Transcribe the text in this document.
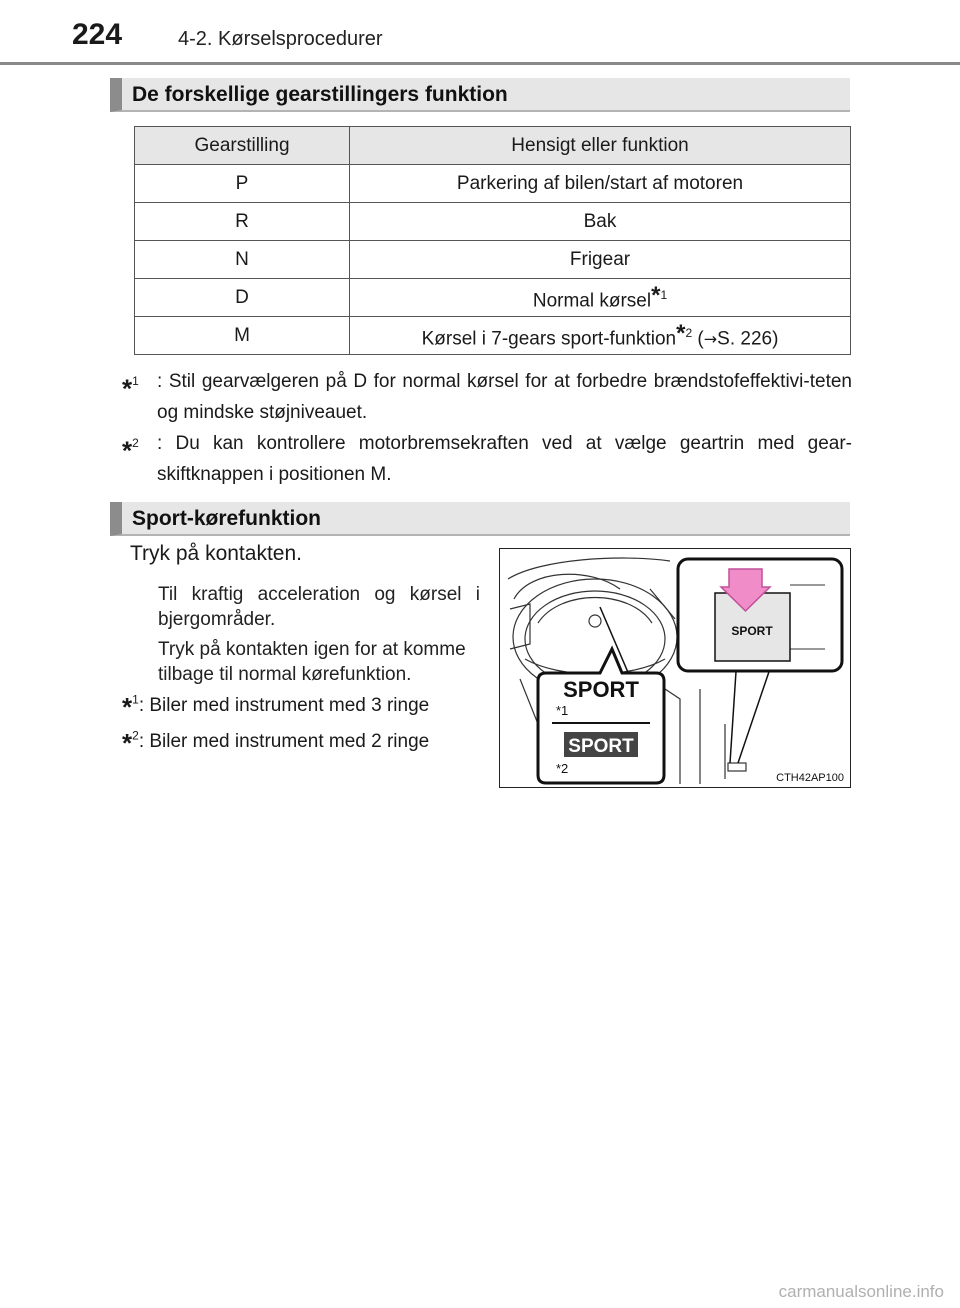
224	4-2. Kørselsprocedurer
De forskellige gearstillingers funktion
Gearstilling	Hensigt eller funktion
P	Parkering af bilen/start af motoren
R	Bak
N	Frigear
D	Normal kørsel$^{*1}$
M	Kørsel i 7-gears sport-funktion$^{*2}$ (→S. 226)
*$^1$ : Stil gearvælgeren på D for normal kørsel for at forbedre brændstofeffektivi-teten og mindske støjniveauet.
*$^2$ : Du kan kontrollere motorbremsekraften ved at vælge geartrin med gear-skiftknappen i positionen M.
Sport-kørefunktion
Tryk på kontakten.
Til kraftig acceleration og kørsel i bjergområder.
Tryk på kontakten igen for at komme tilbage til normal kørefunktion.
*$^1$: Biler med instrument med 3 ringe
*$^2$: Biler med instrument med 2 ringe
SPORT
SPORT
*1
SPORT
*2
CTH42AP100
carmanualsonline.info
